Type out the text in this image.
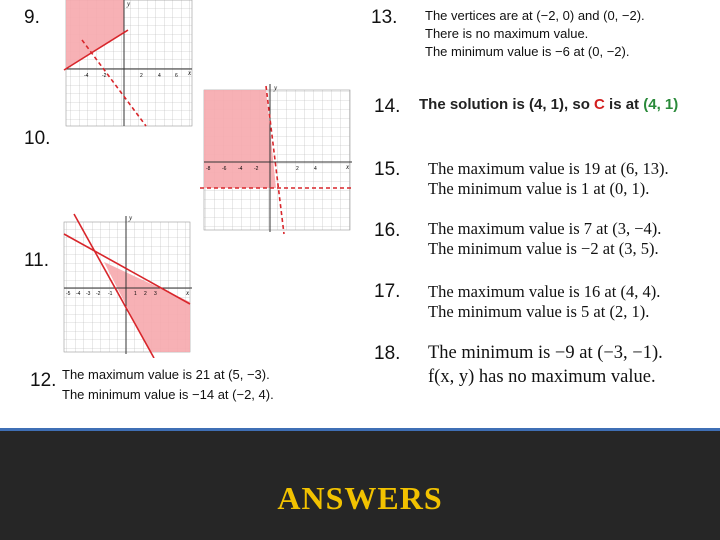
9.
10.
11.
12.
13.
14.
15.
16.
17.
18.
x
y
-4	-2	2	4	6
x
y
-8 -6 -4 -2	2	4
x
y
-5 -4 -3 -2 -1	1 2 3
The maximum value is 21 at (5, −3).
The minimum value is −14 at (−2, 4).
The vertices are at (−2, 0) and (0, −2).
There is no maximum value.
The minimum value is −6 at (0, −2).
The solution is (4, 1), so C is at (4, 1)
The maximum value is 19 at (6, 13).
The minimum value is 1 at (0, 1).
The maximum value is 7 at (3, −4).
The minimum value is −2 at (3, 5).
The maximum value is 16 at (4, 4).
The minimum value is 5 at (2, 1).
The minimum is −9 at (−3, −1).
f(x, y) has no maximum value.
ANSWERS
